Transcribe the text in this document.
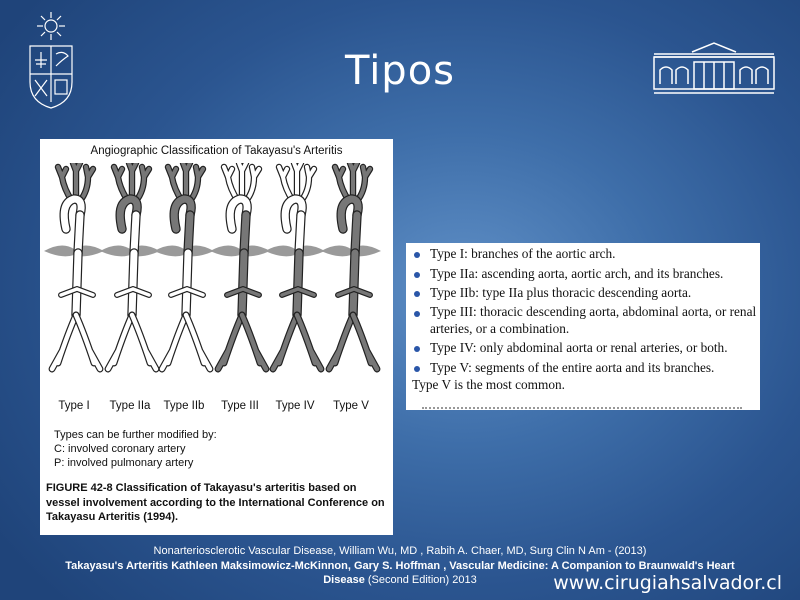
Tipos
Angiographic Classification of Takayasu's Arteritis
Type I	Type IIa	Type IIb	Type III	Type IV	Type V
Types can be further modified by:
C: involved coronary artery
P: involved pulmonary artery
FIGURE 42-8 Classification of Takayasu's arteritis based on vessel involvement according to the International Conference on Takayasu Arteritis (1994).
Type I: branches of the aortic arch.
Type IIa: ascending aorta, aortic arch, and its branches.
Type IIb: type IIa plus thoracic descending aorta.
Type III: thoracic descending aorta, abdominal aorta, or renal arteries, or a combination.
Type IV: only abdominal aorta or renal arteries, or both.
Type V: segments of the entire aorta and its branches.
Type V is the most common.
Nonarteriosclerotic Vascular Disease, William Wu, MD , Rabih A. Chaer, MD, Surg Clin N Am - (2013)
Takayasu's Arteritis Kathleen Maksimowicz-McKinnon, Gary S. Hoffman , Vascular Medicine: A Companion to Braunwald's Heart
Disease (Second Edition) 2013	www.cirugiahsalvador.cl
